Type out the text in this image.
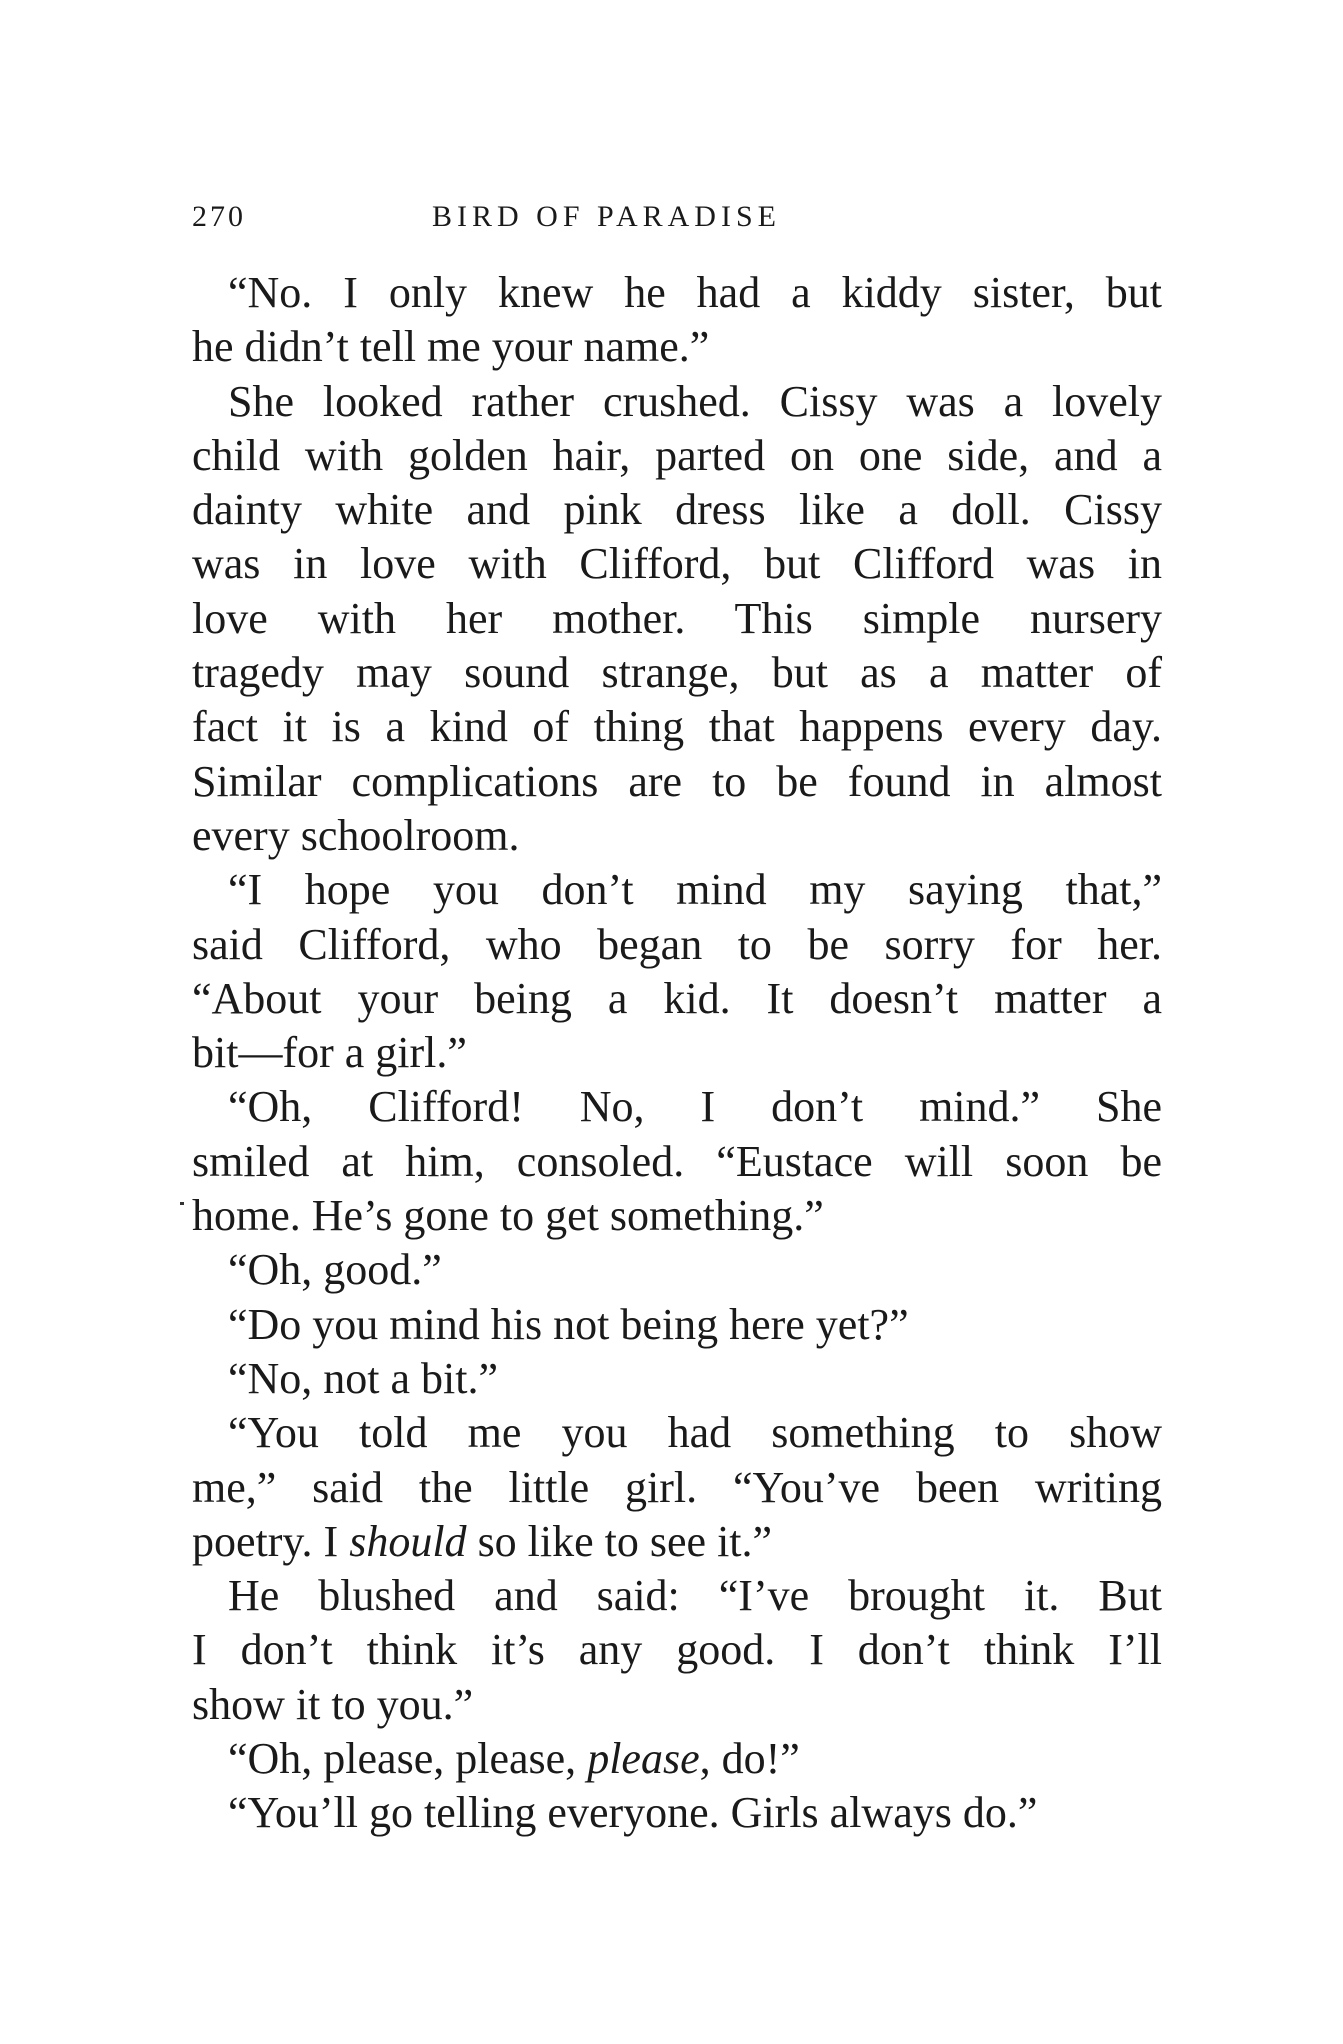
270	BIRD OF PARADISE
“No. I only knew he had a kiddy sister, but
he didn’t tell me your name.”
She looked rather crushed. Cissy was a lovely
child with golden hair, parted on one side, and a
dainty white and pink dress like a doll. Cissy
was in love with Clifford, but Clifford was in
love with her mother. This simple nursery
tragedy may sound strange, but as a matter of
fact it is a kind of thing that happens every day.
Similar complications are to be found in almost
every schoolroom.
“I hope you don’t mind my saying that,”
said Clifford, who began to be sorry for her.
“About your being a kid. It doesn’t matter a
bit—for a girl.”
“Oh, Clifford! No, I don’t mind.” She
smiled at him, consoled. “Eustace will soon be
home. He’s gone to get something.”
“Oh, good.”
“Do you mind his not being here yet?”
“No, not a bit.”
“You told me you had something to show
me,” said the little girl. “You’ve been writing
poetry. I should so like to see it.”
He blushed and said: “I’ve brought it. But
I don’t think it’s any good. I don’t think I’ll
show it to you.”
“Oh, please, please, please, do!”
“You’ll go telling everyone. Girls always do.”
